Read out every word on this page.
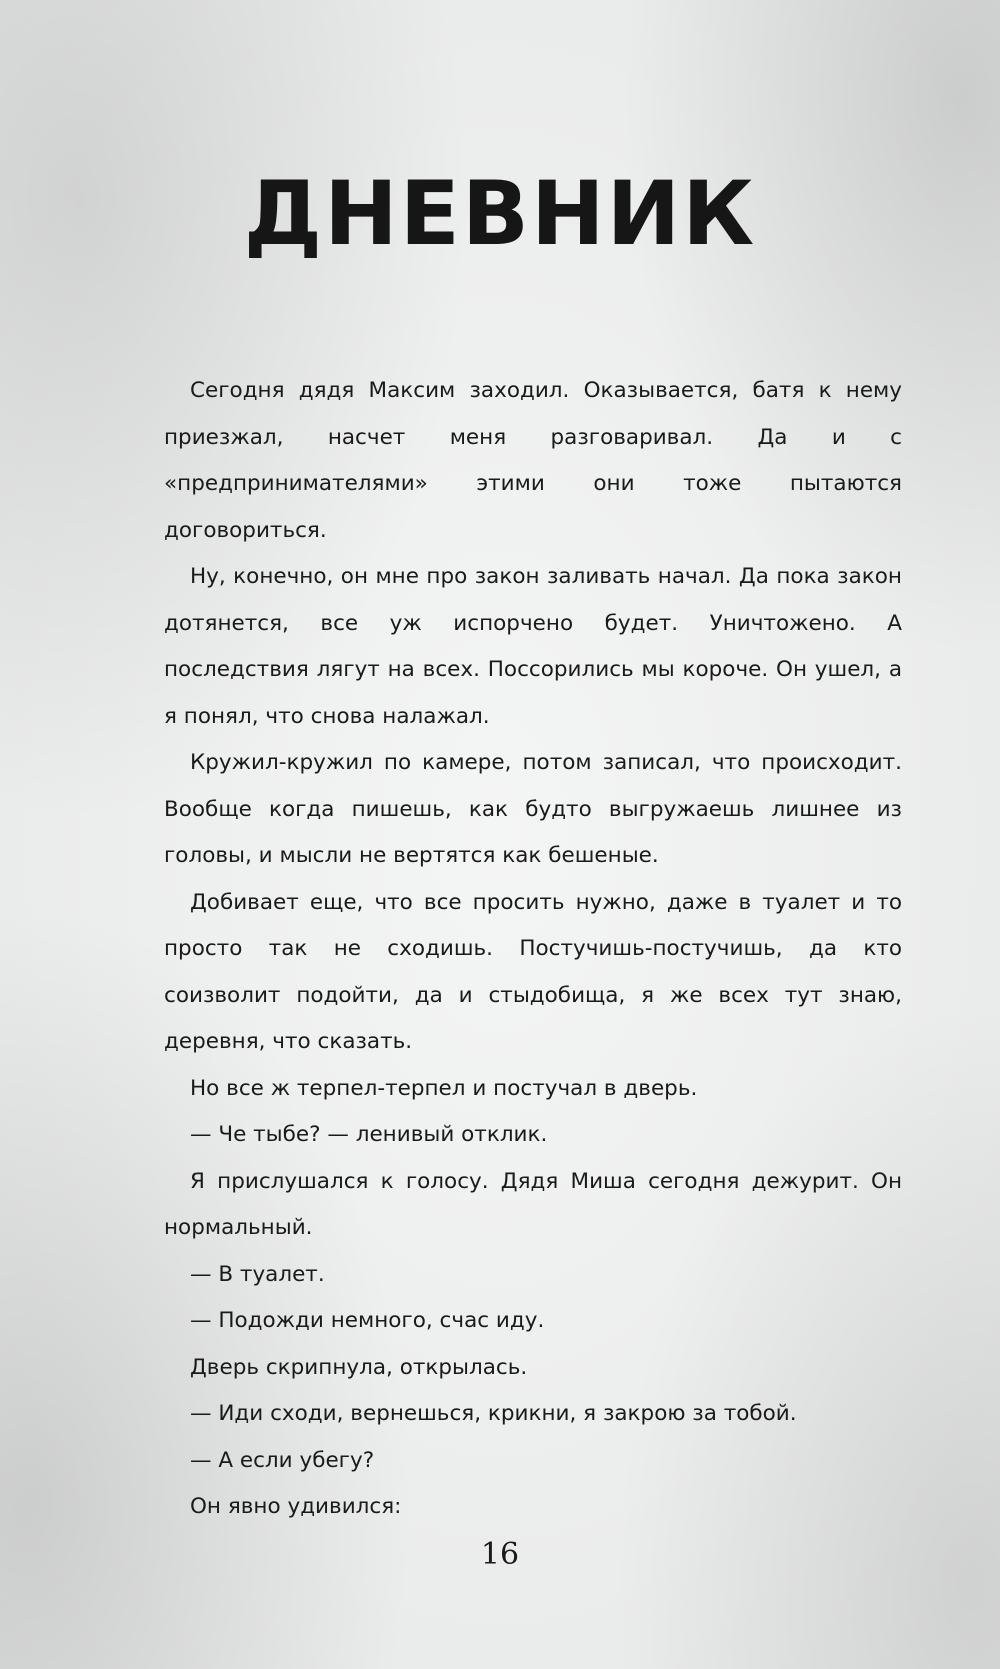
ДНЕВНИК

Сегодня дядя Максим заходил. Оказывается, батя к нему приезжал, насчет меня разговаривал. Да и с «предпринимателями» этими они тоже пытаются договориться.

Ну, конечно, он мне про закон заливать начал. Да пока закон дотянется, все уж испорчено будет. Уничтожено. А последствия лягут на всех. Поссорились мы короче. Он ушел, а я понял, что снова налажал.

Кружил-кружил по камере, потом записал, что происходит. Вообще когда пишешь, как будто выгружаешь лишнее из головы, и мысли не вертятся как бешеные.

Добивает еще, что все просить нужно, даже в туалет и то просто так не сходишь. Постучишь-постучишь, да кто соизволит подойти, да и стыдобища, я же всех тут знаю, деревня, что сказать.

Но все ж терпел-терпел и постучал в дверь.

— Че тыбе? — ленивый отклик.

Я прислушался к голосу. Дядя Миша сегодня дежурит. Он нормальный.

— В туалет.

— Подожди немного, счас иду.

Дверь скрипнула, открылась.

— Иди сходи, вернешься, крикни, я закрою за тобой.

— А если убегу?

Он явно удивился:

16
